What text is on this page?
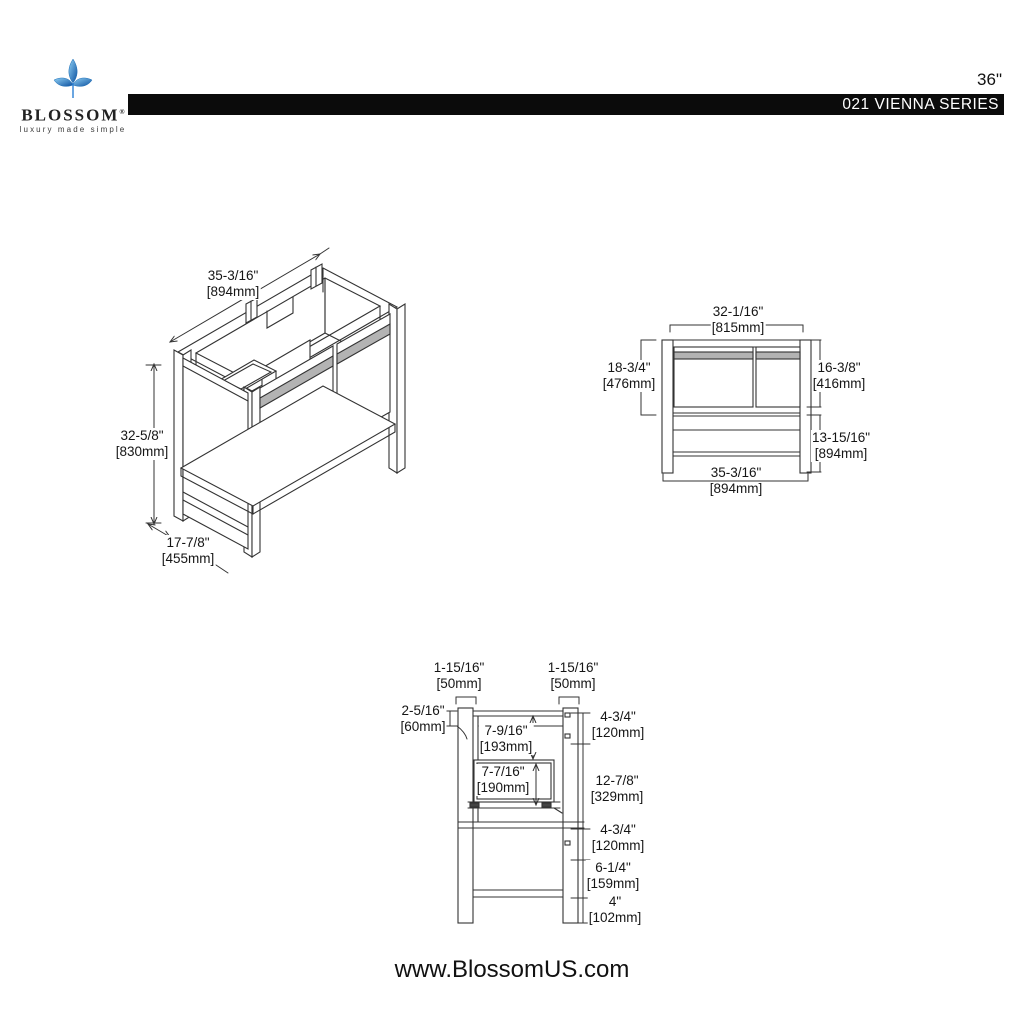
BLOSSOM®
luxury made simple
021 VIENNA SERIES
36"
35-3/16"
[894mm]
32-5/8"
[830mm]
17-7/8"
[455mm]
32-1/16"
[815mm]
18-3/4"
[476mm]
16-3/8"
[416mm]
13-15/16"
[894mm]
35-3/16"
[894mm]
1-15/16"
[50mm]
1-15/16"
[50mm]
2-5/16"
[60mm]	7-9/16"
[193mm]
7-7/16"
[190mm]
4-3/4"
[120mm]
12-7/8"
[329mm]
4-3/4"
[120mm]
6-1/4"
[159mm]
4"
[102mm]
www.BlossomUS.com
